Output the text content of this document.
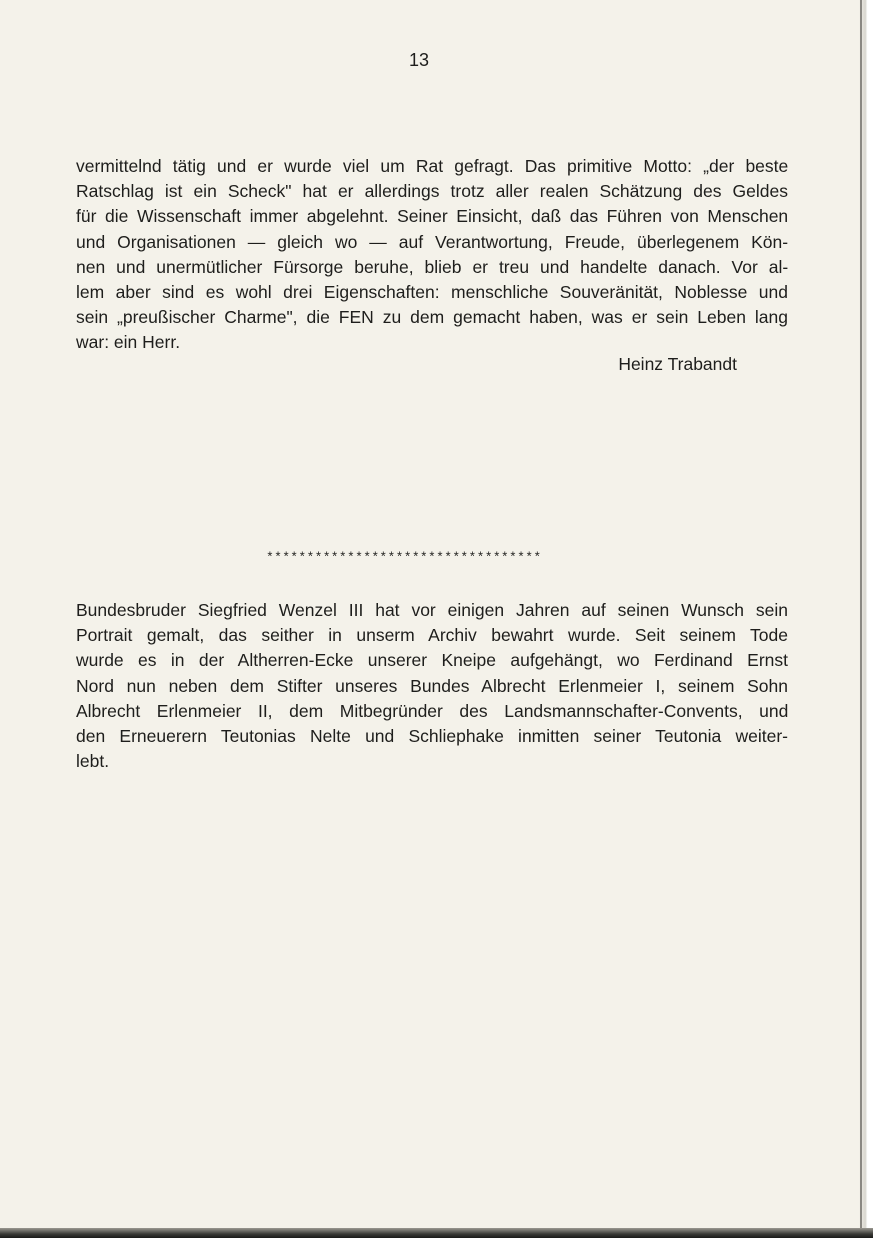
13

vermittelnd tätig und er wurde viel um Rat gefragt. Das primitive Motto: „der beste
Ratschlag ist ein Scheck" hat er allerdings trotz aller realen Schätzung des Geldes
für die Wissenschaft immer abgelehnt. Seiner Einsicht, daß das Führen von Menschen
und Organisationen — gleich wo — auf Verantwortung, Freude, überlegenem Kön-
nen und unermütlicher Fürsorge beruhe, blieb er treu und handelte danach. Vor al-
lem aber sind es wohl drei Eigenschaften: menschliche Souveränität, Noblesse und
sein „preußischer Charme", die FEN zu dem gemacht haben, was er sein Leben lang
war: ein Herr.

Heinz Trabandt
**********************************

Bundesbruder Siegfried Wenzel III hat vor einigen Jahren auf seinen Wunsch sein
Portrait gemalt, das seither in unserm Archiv bewahrt wurde. Seit seinem Tode
wurde es in der Altherren-Ecke unserer Kneipe aufgehängt, wo Ferdinand Ernst
Nord nun neben dem Stifter unseres Bundes Albrecht Erlenmeier I, seinem Sohn
Albrecht Erlenmeier II, dem Mitbegründer des Landsmannschafter-Convents, und
den Erneuerern Teutonias Nelte und Schliephake inmitten seiner Teutonia weiter-
lebt.
